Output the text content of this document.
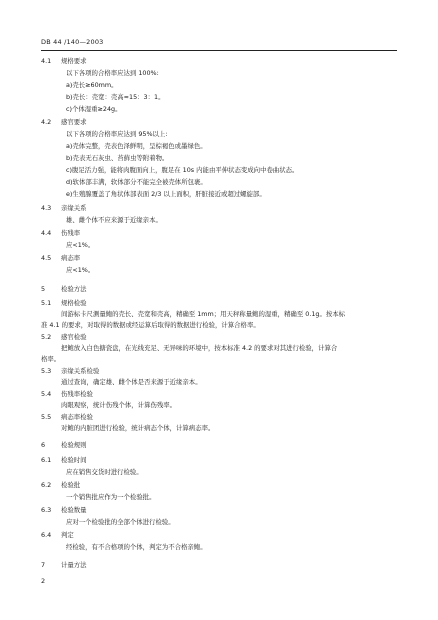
DB 44 /140—2003
4.1 规格要求
以下各项的合格率应达到 100%:
a)壳长≥60mm。
b)壳长：壳宽：壳高≈15：3：1。
c)个体湿重≥24g。
4.2 感官要求
以下各项的合格率应达到 95%以上:
a)壳体完整，壳表色泽鲜明，呈棕褐色或墨绿色。
b)壳表无石灰虫、苔藓虫等附着物。
c)腹足活力强，能将肉腹面向上，腹足在 10s 内能由平伸状态变成向中卷曲状态。
d)软体部丰满，软体部分不能完全被壳体所包裹。
e)生殖腺覆盖了角状体部表面 2/3 以上面积，肝脏接近或超过螺旋部。
4.3 亲缘关系
雄、雌个体不应来源于近缘亲本。
4.4 伤残率
应<1%。
4.5 病态率
应<1%。
5 检验方法
5.1 规格检验
间游标卡尺测量鲍的壳长、壳宽和壳高，精确至 1mm；用天秤称量鲍的湿重，精确至 0.1g。按本标
准 4.1 的要求，对取得的数据或经运算后取得的数据进行检验，计算合格率。
5.2 感官检验
把鲍放入白色搪瓷盘，在光线充足、无异味的环境中，按本标准 4.2 的要求对其进行检验，计算合
格率。
5.3 亲缘关系检验
通过查询，确定雄、雌个体是否来源于近缘亲本。
5.4 伤残率检验
肉眼观察，统计伤残个体，计算伤残率。
5.5 病态率检验
对鲍的内脏团进行检验，统计病态个体，计算病态率。
6 检验规则
6.1 检验时间
应在销售交货时进行检验。
6.2 检验批
一个销售批应作为一个检验批。
6.3 检验数量
应对一个检验批的全部个体进行检验。
6.4 判定
经检验，有不合格项的个体，判定为不合格亲鲍。
7 计量方法
2
